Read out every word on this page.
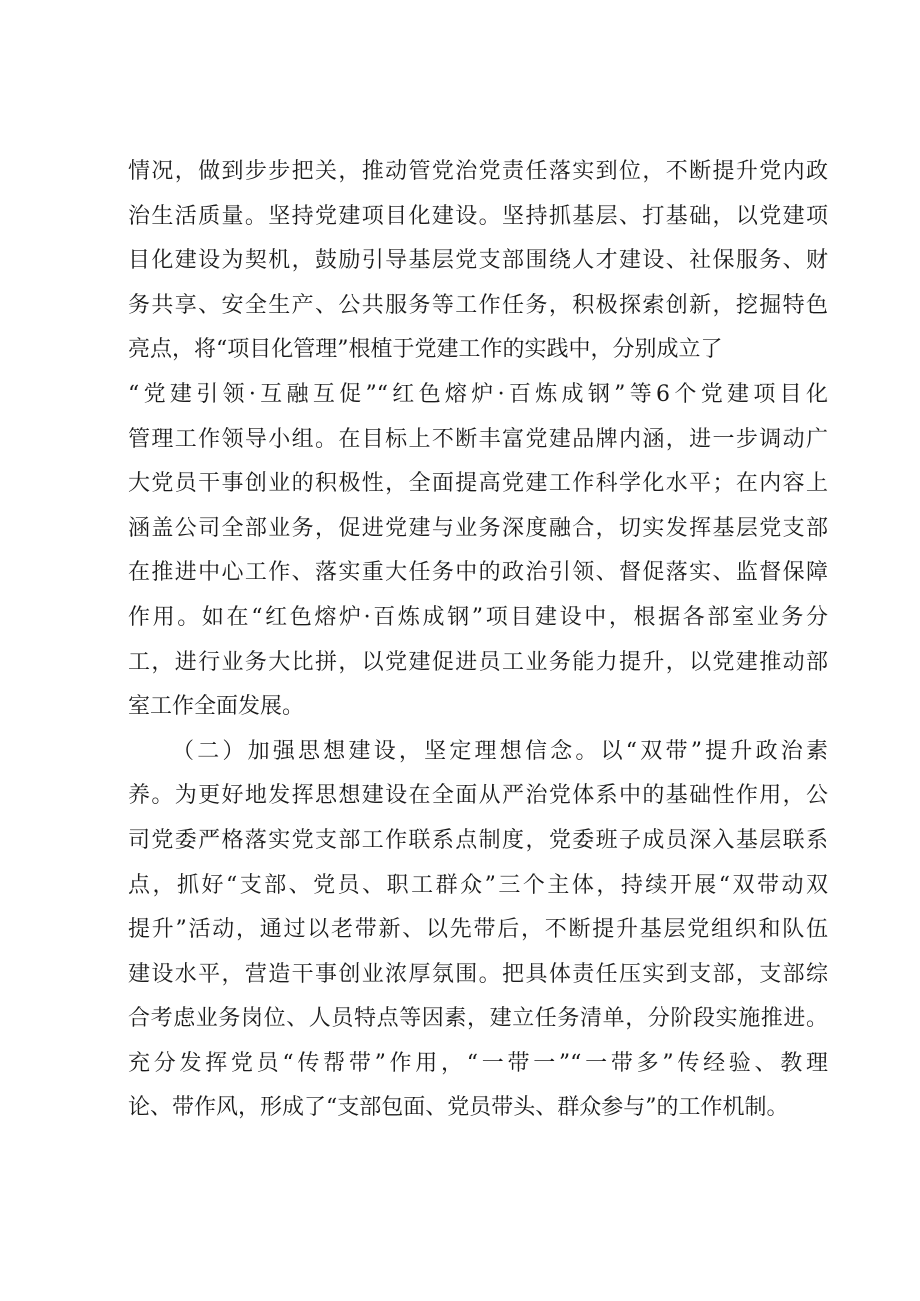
情况，做到步步把关，推动管党治党责任落实到位，不断提升党内政
治生活质量。坚持党建项目化建设。坚持抓基层、打基础，以党建项
目化建设为契机，鼓励引导基层党支部围绕人才建设、社保服务、财
务共享、安全生产、公共服务等工作任务，积极探索创新，挖掘特色
亮点，将“项目化管理”根植于党建工作的实践中，分别成立了
“党建引领·互融互促”“红色熔炉·百炼成钢”等6个党建项目化
管理工作领导小组。在目标上不断丰富党建品牌内涵，进一步调动广
大党员干事创业的积极性，全面提高党建工作科学化水平；在内容上
涵盖公司全部业务，促进党建与业务深度融合，切实发挥基层党支部
在推进中心工作、落实重大任务中的政治引领、督促落实、监督保障
作用。如在“红色熔炉·百炼成钢”项目建设中，根据各部室业务分
工，进行业务大比拼，以党建促进员工业务能力提升，以党建推动部
室工作全面发展。

（二）加强思想建设，坚定理想信念。以“双带”提升政治素
养。为更好地发挥思想建设在全面从严治党体系中的基础性作用，公
司党委严格落实党支部工作联系点制度，党委班子成员深入基层联系
点，抓好“支部、党员、职工群众”三个主体，持续开展“双带动双
提升”活动，通过以老带新、以先带后，不断提升基层党组织和队伍
建设水平，营造干事创业浓厚氛围。把具体责任压实到支部，支部综
合考虑业务岗位、人员特点等因素，建立任务清单，分阶段实施推进。
充分发挥党员“传帮带”作用，“一带一”“一带多”传经验、教理
论、带作风，形成了“支部包面、党员带头、群众参与”的工作机制。
